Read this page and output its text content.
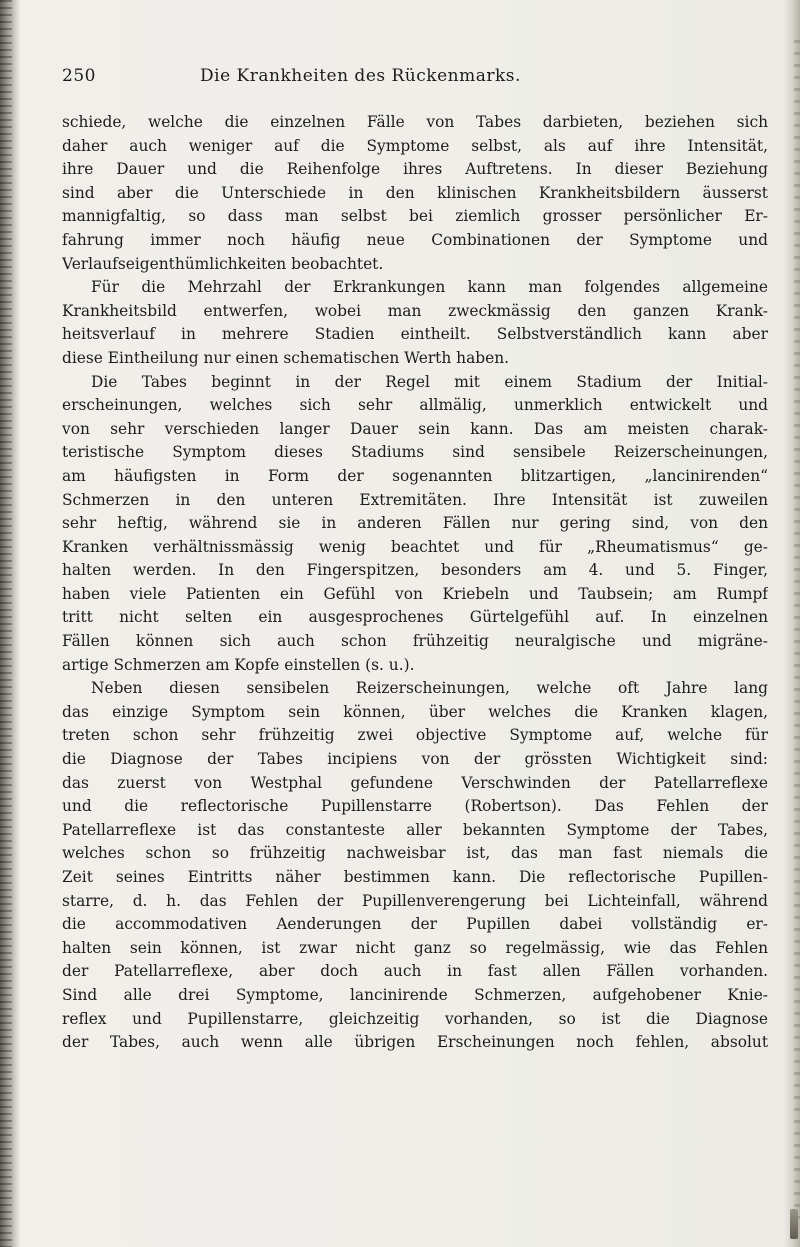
250	Die Krankheiten des Rückenmarks.

schiede, welche die einzelnen Fälle von Tabes darbieten, beziehen sich

daher auch weniger auf die Symptome selbst, als auf ihre Intensität,

ihre Dauer und die Reihenfolge ihres Auftretens. In dieser Beziehung

sind aber die Unterschiede in den klinischen Krankheitsbildern äusserst

mannigfaltig, so dass man selbst bei ziemlich grosser persönlicher Er-

fahrung immer noch häufig neue Combinationen der Symptome und

Verlaufseigenthümlichkeiten beobachtet.

Für die Mehrzahl der Erkrankungen kann man folgendes allgemeine

Krankheitsbild entwerfen, wobei man zweckmässig den ganzen Krank-

heitsverlauf in mehrere Stadien eintheilt. Selbstverständlich kann aber

diese Eintheilung nur einen schematischen Werth haben.

Die Tabes beginnt in der Regel mit einem Stadium der Initial-

erscheinungen, welches sich sehr allmälig, unmerklich entwickelt und

von sehr verschieden langer Dauer sein kann. Das am meisten charak-

teristische Symptom dieses Stadiums sind sensibele Reizerscheinungen,

am häufigsten in Form der sogenannten blitzartigen, „lancinirenden“

Schmerzen in den unteren Extremitäten. Ihre Intensität ist zuweilen

sehr heftig, während sie in anderen Fällen nur gering sind, von den

Kranken verhältnissmässig wenig beachtet und für „Rheumatismus“ ge-

halten werden. In den Fingerspitzen, besonders am 4. und 5. Finger,

haben viele Patienten ein Gefühl von Kriebeln und Taubsein; am Rumpf

tritt nicht selten ein ausgesprochenes Gürtelgefühl auf. In einzelnen

Fällen können sich auch schon frühzeitig neuralgische und migräne-

artige Schmerzen am Kopfe einstellen (s. u.).

Neben diesen sensibelen Reizerscheinungen, welche oft Jahre lang

das einzige Symptom sein können, über welches die Kranken klagen,

treten schon sehr frühzeitig zwei objective Symptome auf, welche für

die Diagnose der Tabes incipiens von der grössten Wichtigkeit sind:

das zuerst von Westphal gefundene Verschwinden der Patellarreflexe

und die reflectorische Pupillenstarre (Robertson). Das Fehlen der

Patellarreflexe ist das constanteste aller bekannten Symptome der Tabes,

welches schon so frühzeitig nachweisbar ist, das man fast niemals die

Zeit seines Eintritts näher bestimmen kann. Die reflectorische Pupillen-

starre, d. h. das Fehlen der Pupillenverengerung bei Lichteinfall, während

die accommodativen Aenderungen der Pupillen dabei vollständig er-

halten sein können, ist zwar nicht ganz so regelmässig, wie das Fehlen

der Patellarreflexe, aber doch auch in fast allen Fällen vorhanden.

Sind alle drei Symptome, lancinirende Schmerzen, aufgehobener Knie-

reflex und Pupillenstarre, gleichzeitig vorhanden, so ist die Diagnose

der Tabes, auch wenn alle übrigen Erscheinungen noch fehlen, absolut
